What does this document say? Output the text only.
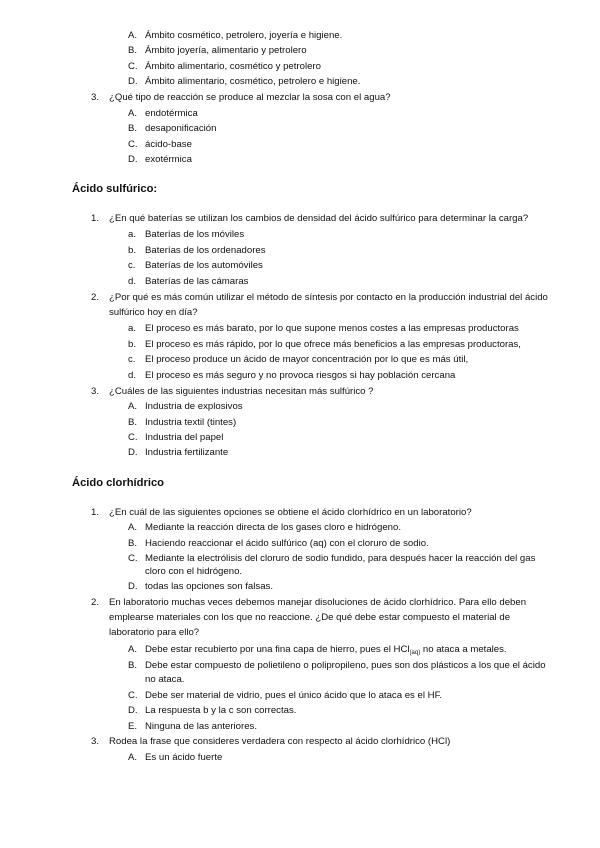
A. Ámbito cosmético, petrolero, joyería e higiene.
B. Ámbito joyería, alimentario y petrolero
C. Ámbito alimentario, cosmético y petrolero
D. Ámbito alimentario, cosmético, petrolero e higiene.
3. ¿Qué tipo de reacción se produce al mezclar la sosa con el agua?
A. endotérmica
B. desaponificación
C. ácido-base
D. exotérmica
Ácido sulfúrico:
1. ¿En qué baterías se utilizan los cambios de densidad del ácido sulfúrico para determinar la carga?
a. Baterías de los móviles
b. Baterías de los ordenadores
c. Baterías de los automóviles
d. Baterías de las cámaras
2. ¿Por qué es más común utilizar el método de síntesis por contacto en la producción industrial del ácido
sulfúrico hoy en día?
a. El proceso es más barato, por lo que supone menos costes a las empresas productoras
b. El proceso es más rápido, por lo que ofrece más beneficios a las empresas productoras,
c. El proceso produce un ácido de mayor concentración por lo que es más útil,
d. El proceso es más seguro y no provoca riesgos si hay población cercana
3. ¿Cuáles de las siguientes industrias necesitan más sulfúrico ?
A. Industria de explosivos
B. Industria textil (tintes)
C. Industria del papel
D. Industria fertilizante
Ácido clorhídrico
1. ¿En cuál de las siguientes opciones se obtiene el ácido clorhídrico en un laboratorio?
A. Mediante la reacción directa de los gases cloro e hidrógeno.
B. Haciendo reaccionar el ácido sulfúrico (aq) con el cloruro de sodio.
C. Mediante la electrólisis del cloruro de sodio fundido, para después hacer la reacción del gas
cloro con el hidrógeno.
D. todas las opciones son falsas.
2. En laboratorio muchas veces debemos manejar disoluciones de ácido clorhídrico. Para ello deben
emplearse materiales con los que no reaccione. ¿De qué debe estar compuesto el material de
laboratorio para ello?
A. Debe estar recubierto por una fina capa de hierro, pues el HCl$_{(aq)}$ no ataca a metales.
B. Debe estar compuesto de polietileno o polipropileno, pues son dos plásticos a los que el ácido
no ataca.
C. Debe ser material de vidrio, pues el único ácido que lo ataca es el HF.
D. La respuesta b y la c son correctas.
E. Ninguna de las anteriores.
3. Rodea la frase que consideres verdadera con respecto al ácido clorhídrico (HCl)
A. Es un ácido fuerte
